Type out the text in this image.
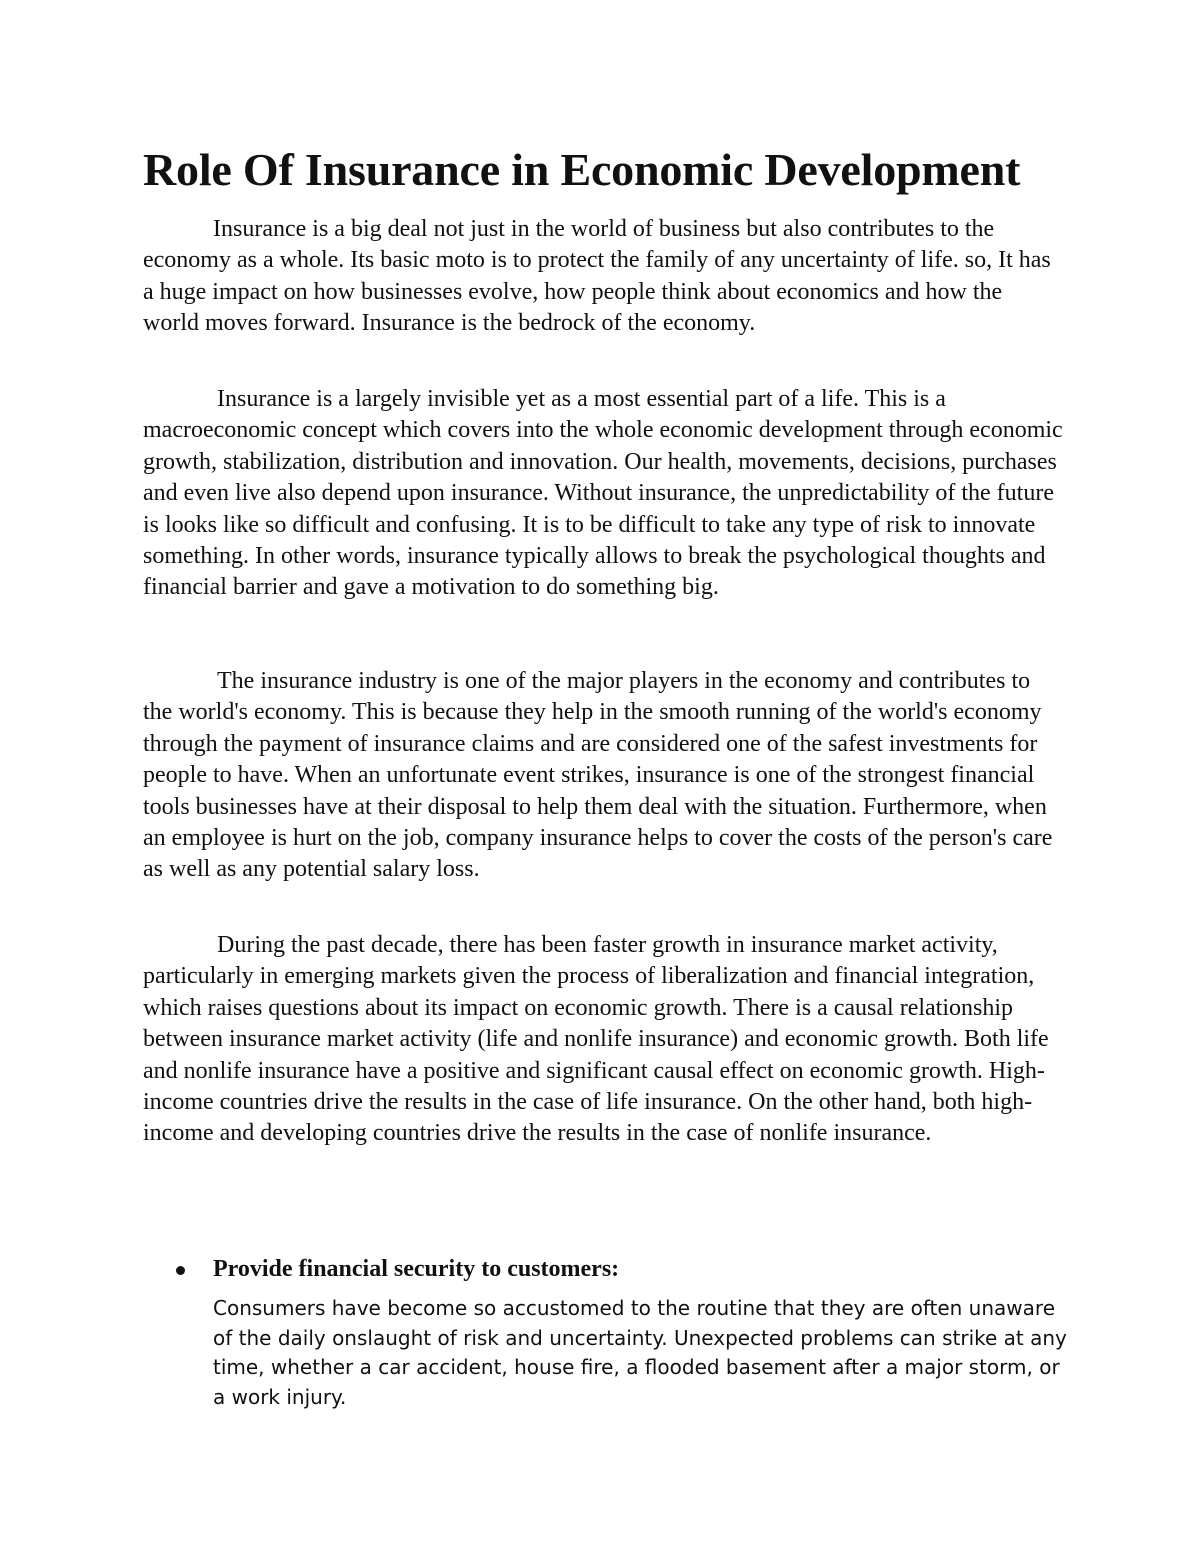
Role Of Insurance in Economic Development

Insurance is a big deal not just in the world of business but also contributes to the economy as a whole. Its basic moto is to protect the family of any uncertainty of life. so, It has a huge impact on how businesses evolve, how people think about economics and how the world moves forward. Insurance is the bedrock of the economy.

Insurance is a largely invisible yet as a most essential part of a life. This is a macroeconomic concept which covers into the whole economic development through economic growth, stabilization, distribution and innovation. Our health, movements, decisions, purchases and even live also depend upon insurance. Without insurance, the unpredictability of the future is looks like so difficult and confusing. It is to be difficult to take any type of risk to innovate something. In other words, insurance typically allows to break the psychological thoughts and financial barrier and gave a motivation to do something big.

The insurance industry is one of the major players in the economy and contributes to the world's economy. This is because they help in the smooth running of the world's economy through the payment of insurance claims and are considered one of the safest investments for people to have. When an unfortunate event strikes, insurance is one of the strongest financial tools businesses have at their disposal to help them deal with the situation. Furthermore, when an employee is hurt on the job, company insurance helps to cover the costs of the person's care as well as any potential salary loss.

During the past decade, there has been faster growth in insurance market activity, particularly in emerging markets given the process of liberalization and financial integration, which raises questions about its impact on economic growth. There is a causal relationship between insurance market activity (life and nonlife insurance) and economic growth. Both life and nonlife insurance have a positive and significant causal effect on economic growth. High-income countries drive the results in the case of life insurance. On the other hand, both high-income and developing countries drive the results in the case of nonlife insurance.

Provide financial security to customers:

Consumers have become so accustomed to the routine that they are often unaware of the daily onslaught of risk and uncertainty. Unexpected problems can strike at any time, whether a car accident, house fire, a flooded basement after a major storm, or a work injury.
